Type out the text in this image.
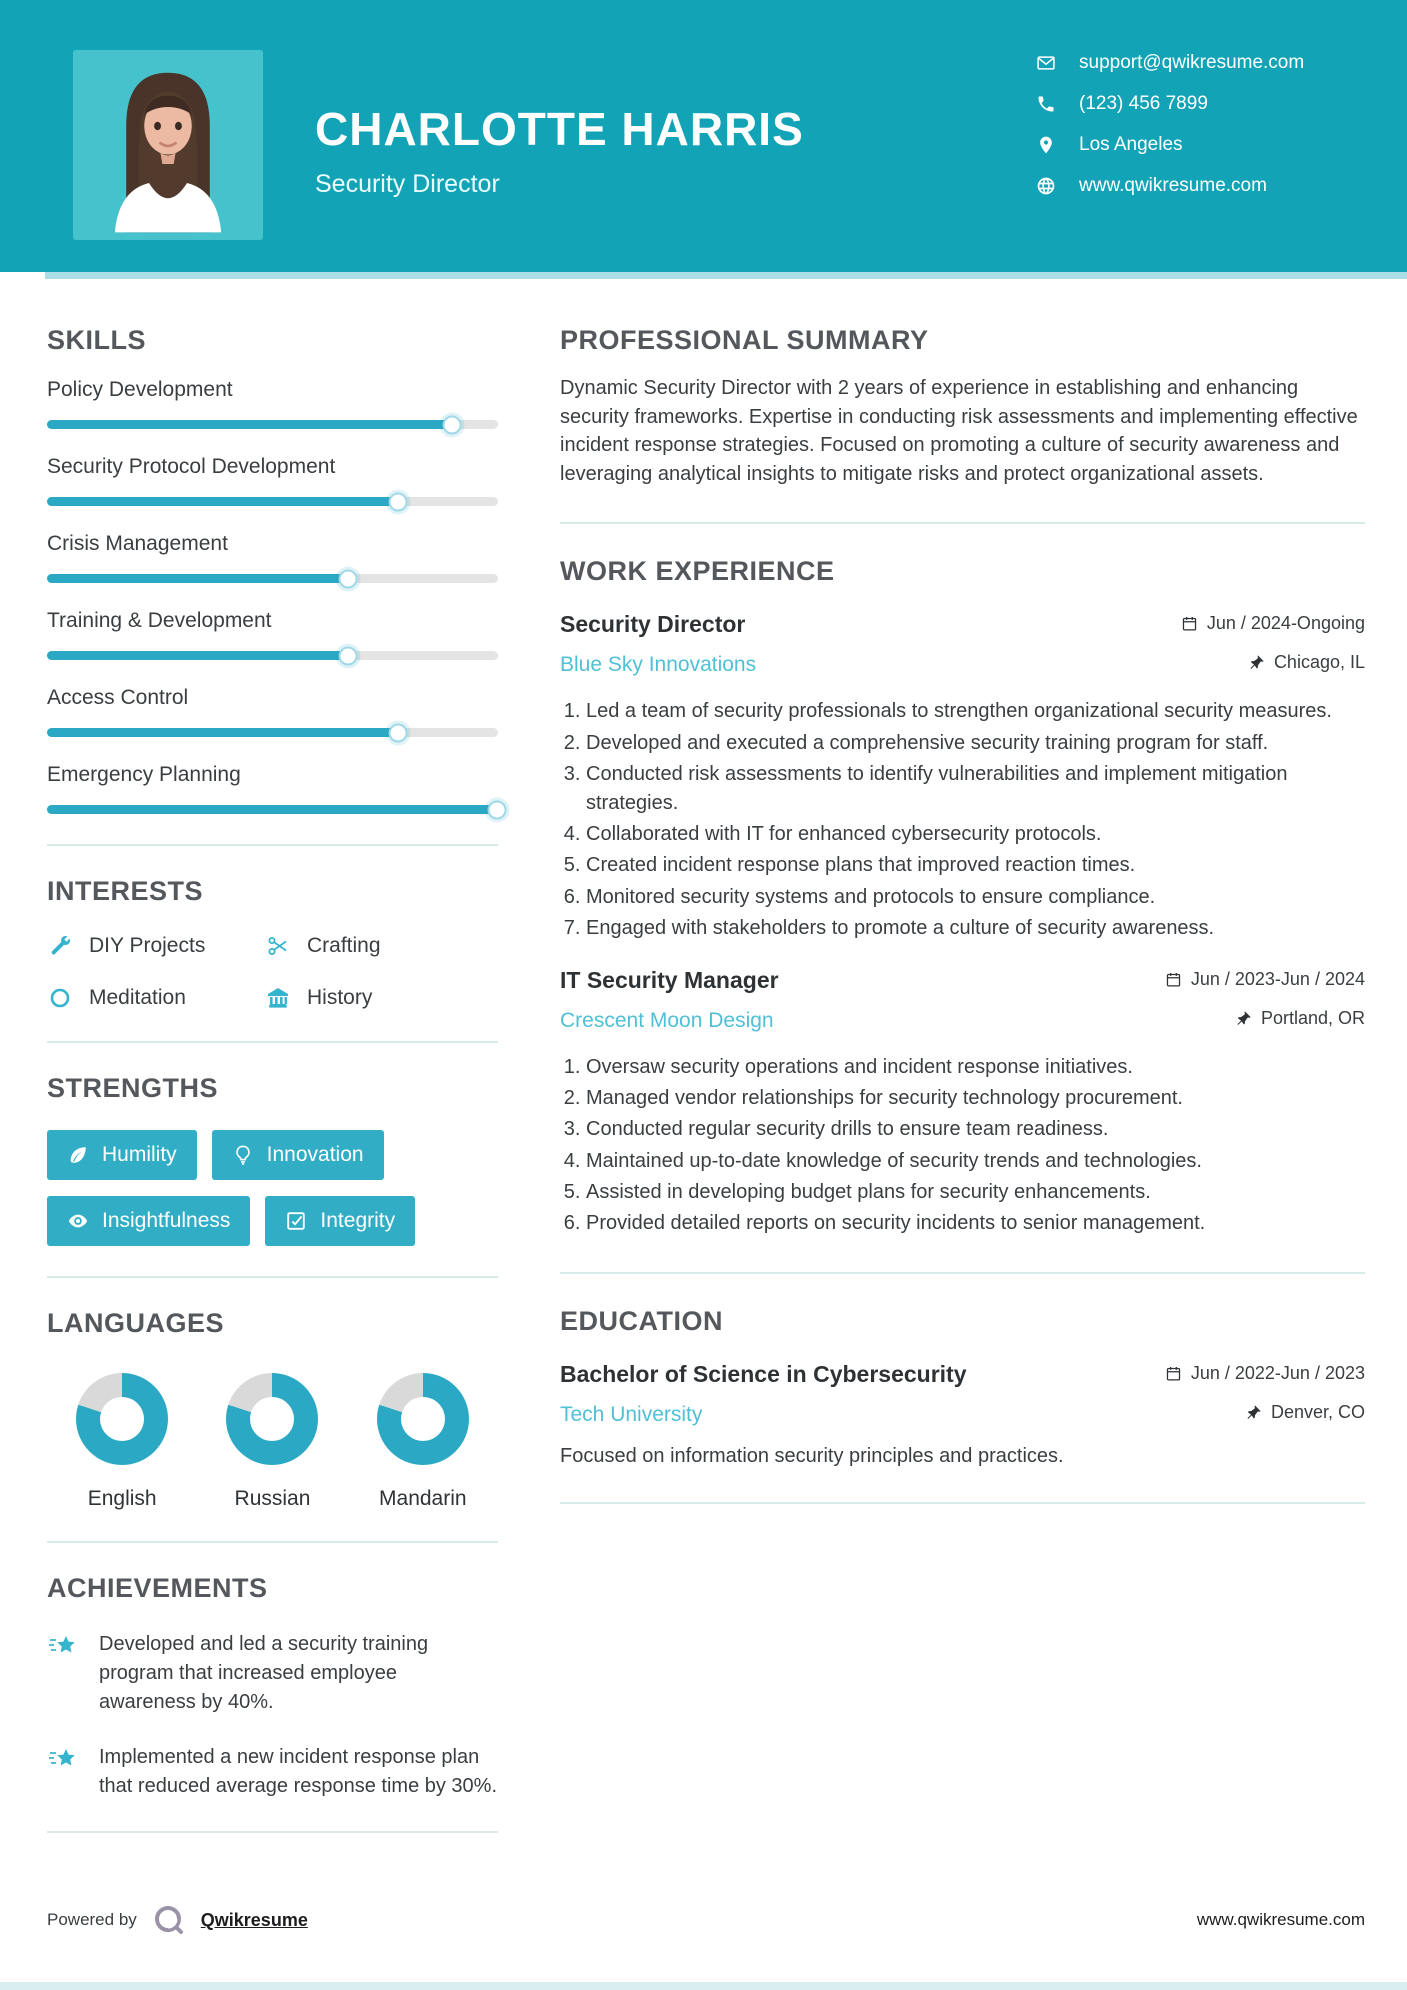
CHARLOTTE HARRIS
Security Director
support@qwikresume.com
(123) 456 7899
Los Angeles
www.qwikresume.com
SKILLS
Policy Development
Security Protocol Development
Crisis Management
Training & Development
Access Control
Emergency Planning
INTERESTS
DIY Projects	Crafting
Meditation	History
STRENGTHS
Humility	Innovation
Insightfulness	Integrity
LANGUAGES
English	Russian	Mandarin
ACHIEVEMENTS
Developed and led a security training program that increased employee awareness by 40%.
Implemented a new incident response plan that reduced average response time by 30%.
PROFESSIONAL SUMMARY

Dynamic Security Director with 2 years of experience in establishing and enhancing security frameworks. Expertise in conducting risk assessments and implementing effective incident response strategies. Focused on promoting a culture of security awareness and leveraging analytical insights to mitigate risks and protect organizational assets.

WORK EXPERIENCE
Security Director	Jun / 2024-Ongoing
Blue Sky Innovations	Chicago, IL
1. Led a team of security professionals to strengthen organizational security measures.
2. Developed and executed a comprehensive security training program for staff.
3. Conducted risk assessments to identify vulnerabilities and implement mitigation strategies.
4. Collaborated with IT for enhanced cybersecurity protocols.
5. Created incident response plans that improved reaction times.
6. Monitored security systems and protocols to ensure compliance.
7. Engaged with stakeholders to promote a culture of security awareness.
IT Security Manager	Jun / 2023-Jun / 2024
Crescent Moon Design	Portland, OR
1. Oversaw security operations and incident response initiatives.
2. Managed vendor relationships for security technology procurement.
3. Conducted regular security drills to ensure team readiness.
4. Maintained up-to-date knowledge of security trends and technologies.
5. Assisted in developing budget plans for security enhancements.
6. Provided detailed reports on security incidents to senior management.
EDUCATION
Bachelor of Science in Cybersecurity	Jun / 2022-Jun / 2023
Tech University	Denver, CO

Focused on information security principles and practices.

Powered by	Qwikresume	www.qwikresume.com
